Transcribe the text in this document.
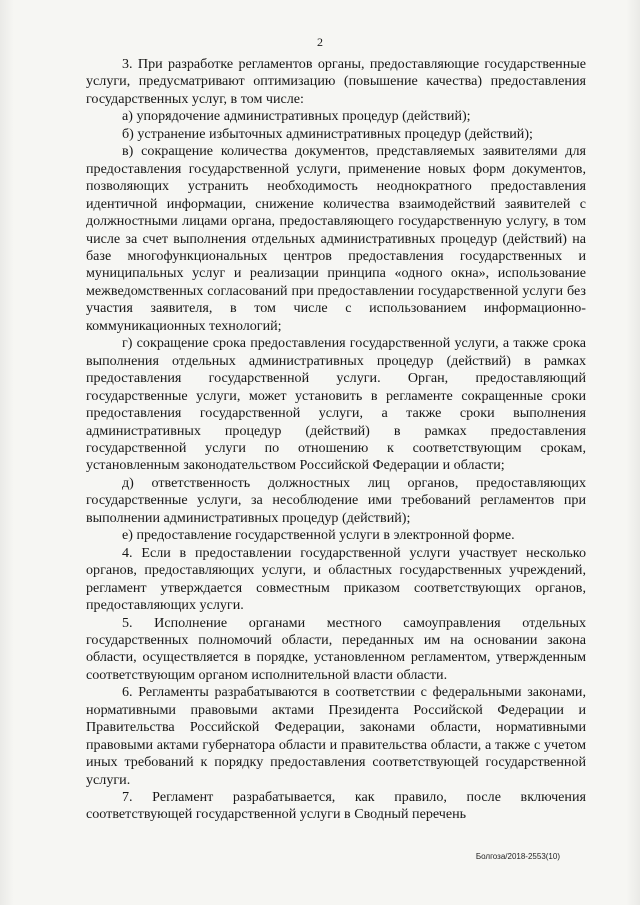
2

3. При разработке регламентов органы, предоставляющие государственные услуги, предусматривают оптимизацию (повышение качества) предоставления государственных услуг, в том числе:

а) упорядочение административных процедур (действий);

б) устранение избыточных административных процедур (действий);

в) сокращение количества документов, представляемых заявителями для предоставления государственной услуги, применение новых форм документов, позволяющих устранить необходимость неоднократного предоставления идентичной информации, снижение количества взаимодействий заявителей с должностными лицами органа, предоставляющего государственную услугу, в том числе за счет выполнения отдельных административных процедур (действий) на базе многофункциональных центров предоставления государственных и муниципальных услуг и реализации принципа «одного окна», использование межведомственных согласований при предоставлении государственной услуги без участия заявителя, в том числе с использованием информационно-коммуникационных технологий;

г) сокращение срока предоставления государственной услуги, а также срока выполнения отдельных административных процедур (действий) в рамках предоставления государственной услуги. Орган, предоставляющий государственные услуги, может установить в регламенте сокращенные сроки предоставления государственной услуги, а также сроки выполнения административных процедур (действий) в рамках предоставления государственной услуги по отношению к соответствующим срокам, установленным законодательством Российской Федерации и области;

д) ответственность должностных лиц органов, предоставляющих государственные услуги, за несоблюдение ими требований регламентов при выполнении административных процедур (действий);

е) предоставление государственной услуги в электронной форме.

4. Если в предоставлении государственной услуги участвует несколько органов, предоставляющих услуги, и областных государственных учреждений, регламент утверждается совместным приказом соответствующих органов, предоставляющих услуги.

5. Исполнение органами местного самоуправления отдельных государственных полномочий области, переданных им на основании закона области, осуществляется в порядке, установленном регламентом, утвержденным соответствующим органом исполнительной власти области.

6. Регламенты разрабатываются в соответствии с федеральными законами, нормативными правовыми актами Президента Российской Федерации и Правительства Российской Федерации, законами области, нормативными правовыми актами губернатора области и правительства области, а также с учетом иных требований к порядку предоставления соответствующей государственной услуги.

7. Регламент разрабатывается, как правило, после включения соответствующей государственной услуги в Сводный перечень

Болгоза/2018-2553(10)
